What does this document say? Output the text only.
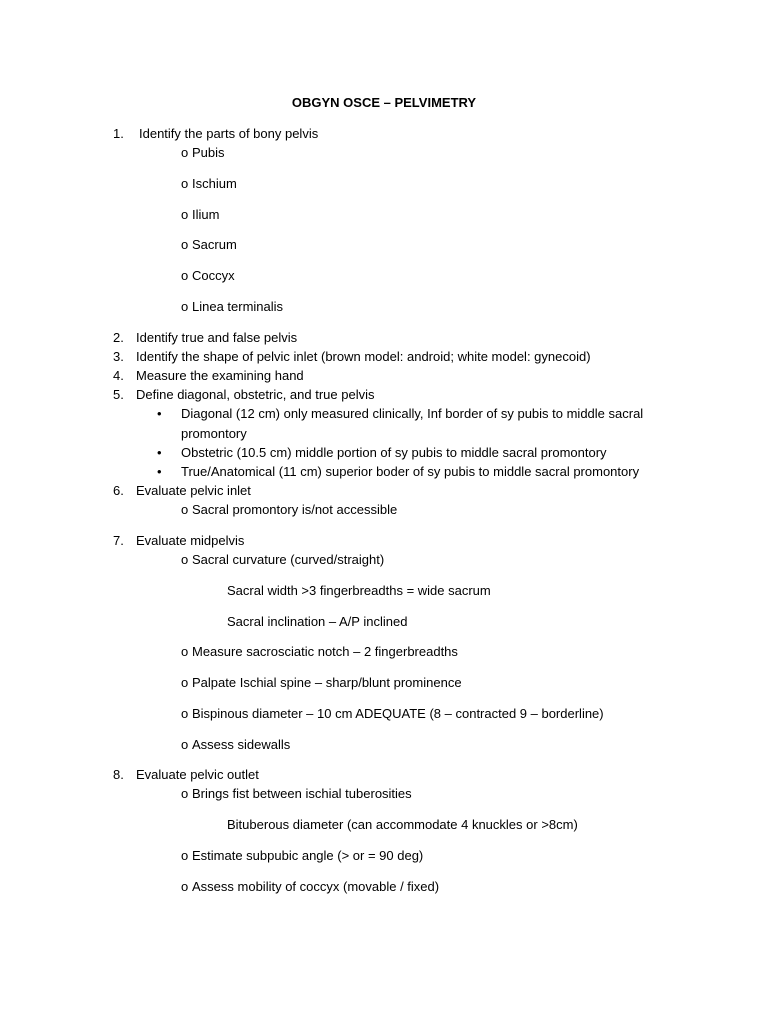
OBGYN OSCE – PELVIMETRY
1. Identify the parts of bony pelvis
o Pubis
o Ischium
o Ilium
o Sacrum
o Coccyx
o Linea terminalis
2. Identify true and false pelvis
3. Identify the shape of pelvic inlet (brown model: android; white model: gynecoid)
4. Measure the examining hand
5. Define diagonal, obstetric, and true pelvis
• Diagonal (12 cm) only measured clinically, Inf border of sy pubis to middle sacral
promontory
• Obstetric (10.5 cm) middle portion of sy pubis to middle sacral promontory
• True/Anatomical (11 cm) superior boder of sy pubis to middle sacral promontory
6. Evaluate pelvic inlet
o Sacral promontory is/not accessible
7. Evaluate midpelvis
o Sacral curvature (curved/straight)
Sacral width >3 fingerbreadths = wide sacrum
Sacral inclination – A/P inclined
o Measure sacrosciatic notch – 2 fingerbreadths
o Palpate Ischial spine – sharp/blunt prominence
o Bispinous diameter – 10 cm ADEQUATE (8 – contracted 9 – borderline)
o Assess sidewalls
8. Evaluate pelvic outlet
o Brings fist between ischial tuberosities
Bituberous diameter (can accommodate 4 knuckles or >8cm)
o Estimate subpubic angle (> or = 90 deg)
o Assess mobility of coccyx (movable / fixed)
